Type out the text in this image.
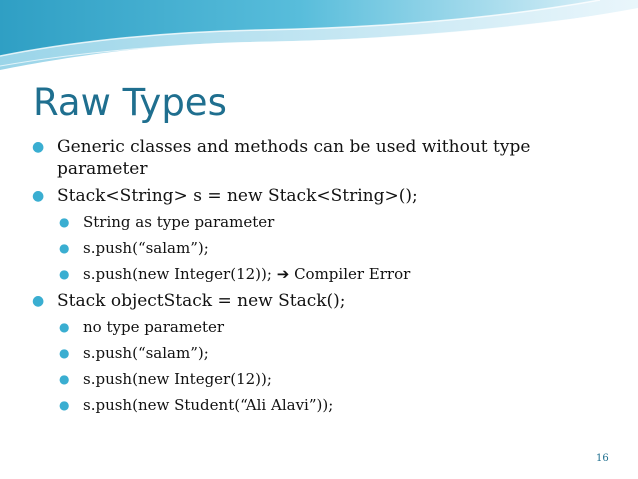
Raw Types
● Generic classes and methods can be used without type parameter
● Stack<String> s = new Stack<String>();
● String as type parameter
● s.push(“salam”);
● s.push(new Integer(12)); ➔ Compiler Error
● Stack objectStack = new Stack();
● no type parameter
● s.push(“salam”);
● s.push(new Integer(12));
● s.push(new Student(“Ali Alavi”));
16
